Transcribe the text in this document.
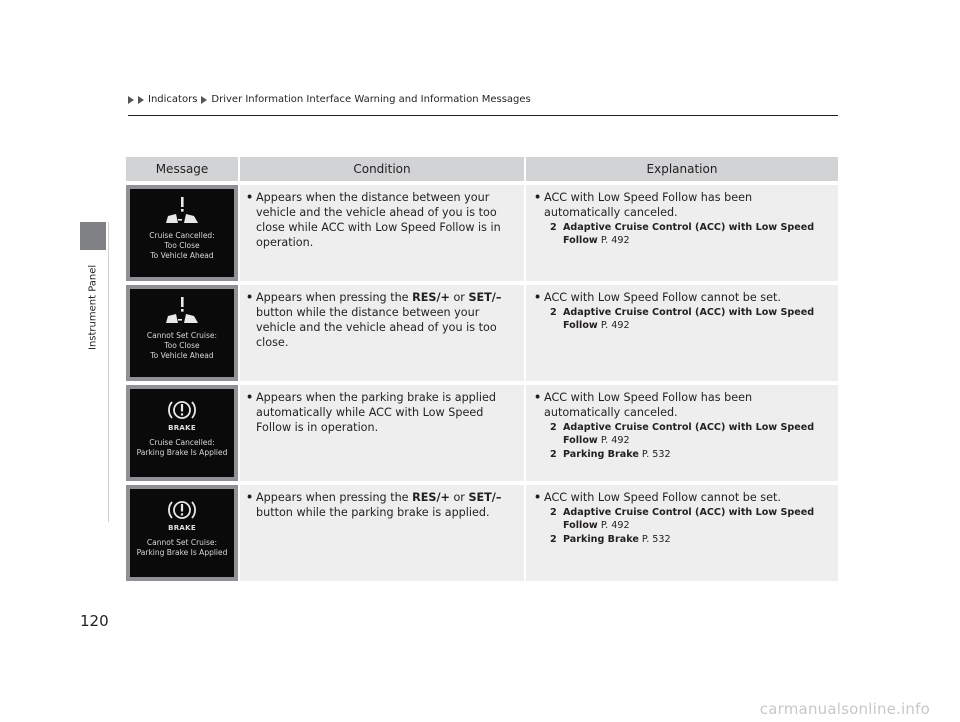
Instrument Panel
Indicators Driver Information Interface Warning and Information Messages
Message	Condition	Explanation
Cruise Cancelled:
Too Close
To Vehicle Ahead
• Appears when the distance between your vehicle and the vehicle ahead of you is too close while ACC with Low Speed Follow is in operation.
• ACC with Low Speed Follow has been automatically canceled.
2 Adaptive Cruise Control (ACC) with Low Speed Follow P. 492
Cannot Set Cruise:
Too Close
To Vehicle Ahead
• Appears when pressing the RES/+ or SET/– button while the distance between your vehicle and the vehicle ahead of you is too close.
• ACC with Low Speed Follow cannot be set.
2 Adaptive Cruise Control (ACC) with Low Speed Follow P. 492
BRAKE
Cruise Cancelled:
Parking Brake Is Applied
• Appears when the parking brake is applied automatically while ACC with Low Speed Follow is in operation.
• ACC with Low Speed Follow has been automatically canceled.
2 Adaptive Cruise Control (ACC) with Low Speed Follow P. 492
2 Parking Brake P. 532
BRAKE
Cannot Set Cruise:
Parking Brake Is Applied
• Appears when pressing the RES/+ or SET/– button while the parking brake is applied.
• ACC with Low Speed Follow cannot be set.
2 Adaptive Cruise Control (ACC) with Low Speed Follow P. 492
2 Parking Brake P. 532
120
carmanualsonline.info
